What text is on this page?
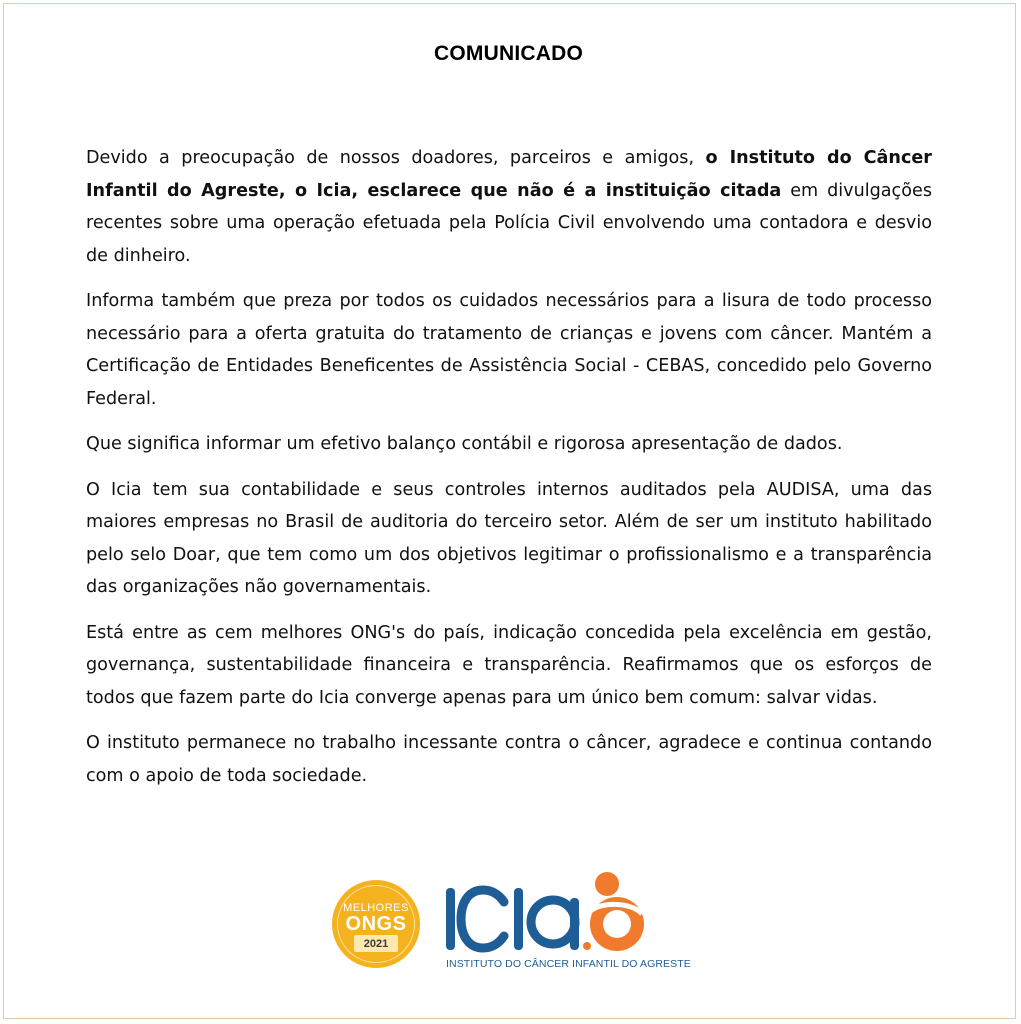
COMUNICADO

Devido a preocupação de nossos doadores, parceiros e amigos, o Instituto do Câncer Infantil do Agreste, o Icia, esclarece que não é a instituição citada em divulgações recentes sobre uma operação efetuada pela Polícia Civil envolvendo uma contadora e desvio de dinheiro.

Informa também que preza por todos os cuidados necessários para a lisura de todo processo necessário para a oferta gratuita do tratamento de crianças e jovens com câncer. Mantém a Certificação de Entidades Beneficentes de Assistência Social - CEBAS, concedido pelo Governo Federal.

Que significa informar um efetivo balanço contábil e rigorosa apresentação de dados.

O Icia tem sua contabilidade e seus controles internos auditados pela AUDISA, uma das maiores empresas no Brasil de auditoria do terceiro setor. Além de ser um instituto habilitado pelo selo Doar, que tem como um dos objetivos legitimar o profissionalismo e a transparência das organizações não governamentais.

Está entre as cem melhores ONG's do país, indicação concedida pela excelência em gestão, governança, sustentabilidade financeira e transparência. Reafirmamos que os esforços de todos que fazem parte do Icia converge apenas para um único bem comum: salvar vidas.

O instituto permanece no trabalho incessante contra o câncer, agradece e continua contando com o apoio de toda sociedade.

MELHORES
ONGS
2021
INSTITUTO DO CÂNCER INFANTIL DO AGRESTE
